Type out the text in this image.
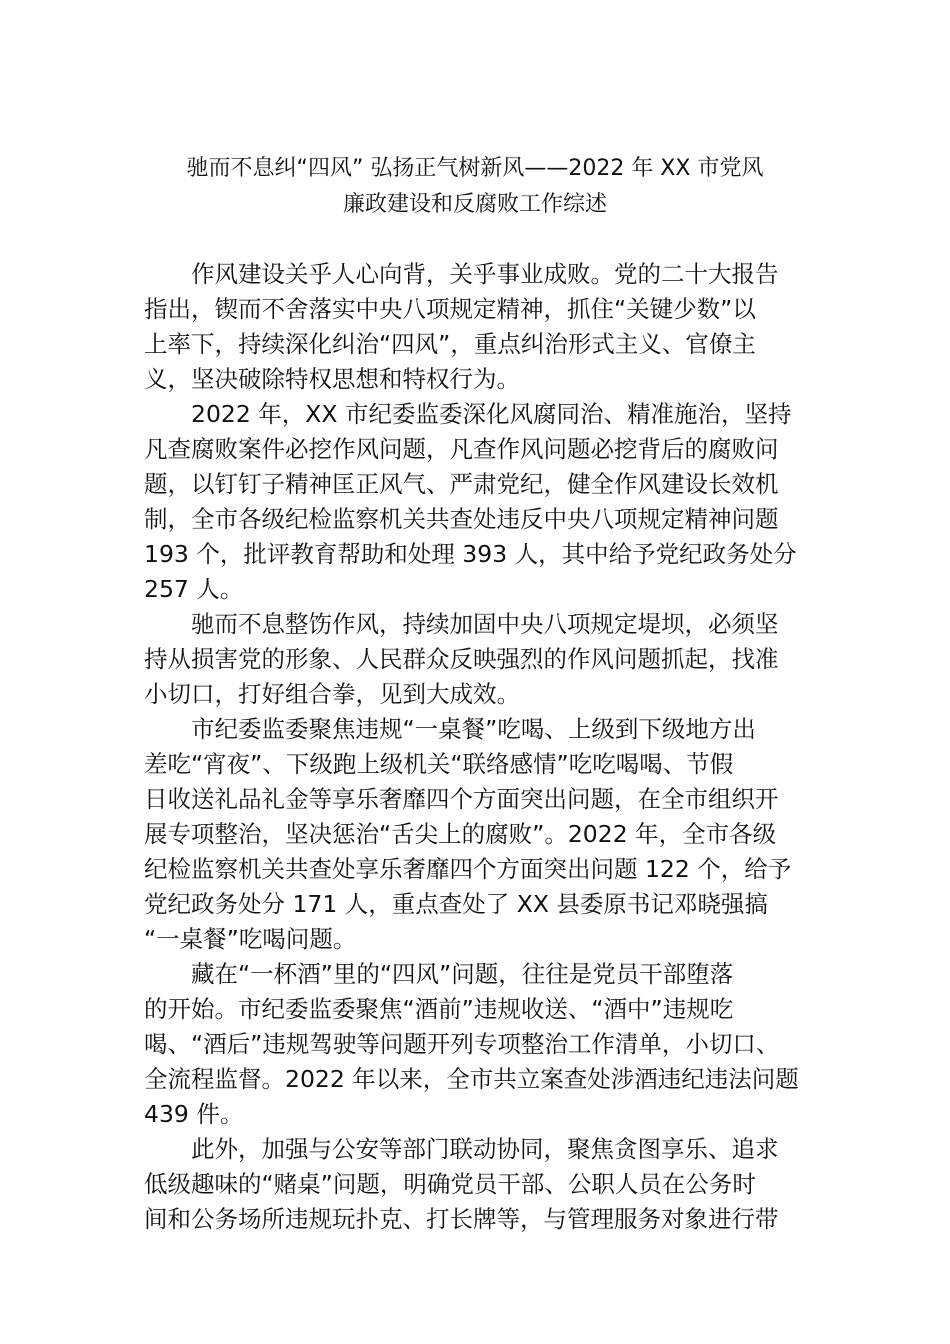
驰而不息纠“四风” 弘扬正气树新风——2022 年 XX 市党风
廉政建设和反腐败工作综述
作风建设关乎人心向背，关乎事业成败。党的二十大报告
指出，锲而不舍落实中央八项规定精神，抓住“关键少数”以
上率下，持续深化纠治“四风”，重点纠治形式主义、官僚主
义，坚决破除特权思想和特权行为。
2022 年，XX 市纪委监委深化风腐同治、精准施治，坚持
凡查腐败案件必挖作风问题，凡查作风问题必挖背后的腐败问
题，以钉钉子精神匡正风气、严肃党纪，健全作风建设长效机
制，全市各级纪检监察机关共查处违反中央八项规定精神问题
193 个，批评教育帮助和处理 393 人，其中给予党纪政务处分
257 人。
驰而不息整饬作风，持续加固中央八项规定堤坝，必须坚
持从损害党的形象、人民群众反映强烈的作风问题抓起，找准
小切口，打好组合拳，见到大成效。
市纪委监委聚焦违规“一桌餐”吃喝、上级到下级地方出
差吃“宵夜”、下级跑上级机关“联络感情”吃吃喝喝、节假
日收送礼品礼金等享乐奢靡四个方面突出问题，在全市组织开
展专项整治，坚决惩治“舌尖上的腐败”。2022 年，全市各级
纪检监察机关共查处享乐奢靡四个方面突出问题 122 个，给予
党纪政务处分 171 人，重点查处了 XX 县委原书记邓晓强搞
“一桌餐”吃喝问题。
藏在“一杯酒”里的“四风”问题，往往是党员干部堕落
的开始。市纪委监委聚焦“酒前”违规收送、“酒中”违规吃
喝、“酒后”违规驾驶等问题开列专项整治工作清单，小切口、
全流程监督。2022 年以来，全市共立案查处涉酒违纪违法问题
439 件。
此外，加强与公安等部门联动协同，聚焦贪图享乐、追求
低级趣味的“赌桌”问题，明确党员干部、公职人员在公务时
间和公务场所违规玩扑克、打长牌等，与管理服务对象进行带
